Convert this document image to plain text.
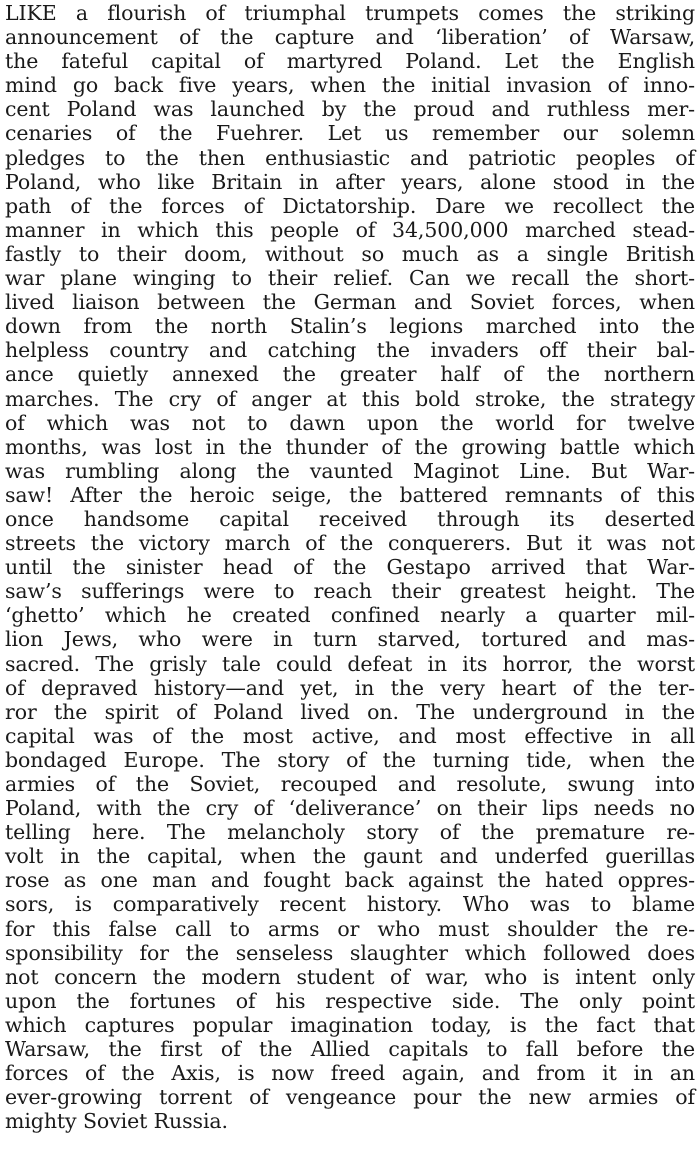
LIKE a flourish of triumphal trumpets comes the striking
announcement of the capture and ‘liberation’ of Warsaw,
the fateful capital of martyred Poland. Let the English
mind go back five years, when the initial invasion of inno-
cent Poland was launched by the proud and ruthless mer-
cenaries of the Fuehrer. Let us remember our solemn
pledges to the then enthusiastic and patriotic peoples of
Poland, who like Britain in after years, alone stood in the
path of the forces of Dictatorship. Dare we recollect the
manner in which this people of 34,500,000 marched stead-
fastly to their doom, without so much as a single British
war plane winging to their relief. Can we recall the short-
lived liaison between the German and Soviet forces, when
down from the north Stalin’s legions marched into the
helpless country and catching the invaders off their bal-
ance quietly annexed the greater half of the northern
marches. The cry of anger at this bold stroke, the strategy
of which was not to dawn upon the world for twelve
months, was lost in the thunder of the growing battle which
was rumbling along the vaunted Maginot Line. But War-
saw! After the heroic seige, the battered remnants of this
once handsome capital received through its deserted
streets the victory march of the conquerers. But it was not
until the sinister head of the Gestapo arrived that War-
saw’s sufferings were to reach their greatest height. The
‘ghetto’ which he created confined nearly a quarter mil-
lion Jews, who were in turn starved, tortured and mas-
sacred. The grisly tale could defeat in its horror, the worst
of depraved history—and yet, in the very heart of the ter-
ror the spirit of Poland lived on. The underground in the
capital was of the most active, and most effective in all
bondaged Europe. The story of the turning tide, when the
armies of the Soviet, recouped and resolute, swung into
Poland, with the cry of ‘deliverance’ on their lips needs no
telling here. The melancholy story of the premature re-
volt in the capital, when the gaunt and underfed guerillas
rose as one man and fought back against the hated oppres-
sors, is comparatively recent history. Who was to blame
for this false call to arms or who must shoulder the re-
sponsibility for the senseless slaughter which followed does
not concern the modern student of war, who is intent only
upon the fortunes of his respective side. The only point
which captures popular imagination today, is the fact that
Warsaw, the first of the Allied capitals to fall before the
forces of the Axis, is now freed again, and from it in an
ever-growing torrent of vengeance pour the new armies of
mighty Soviet Russia.
